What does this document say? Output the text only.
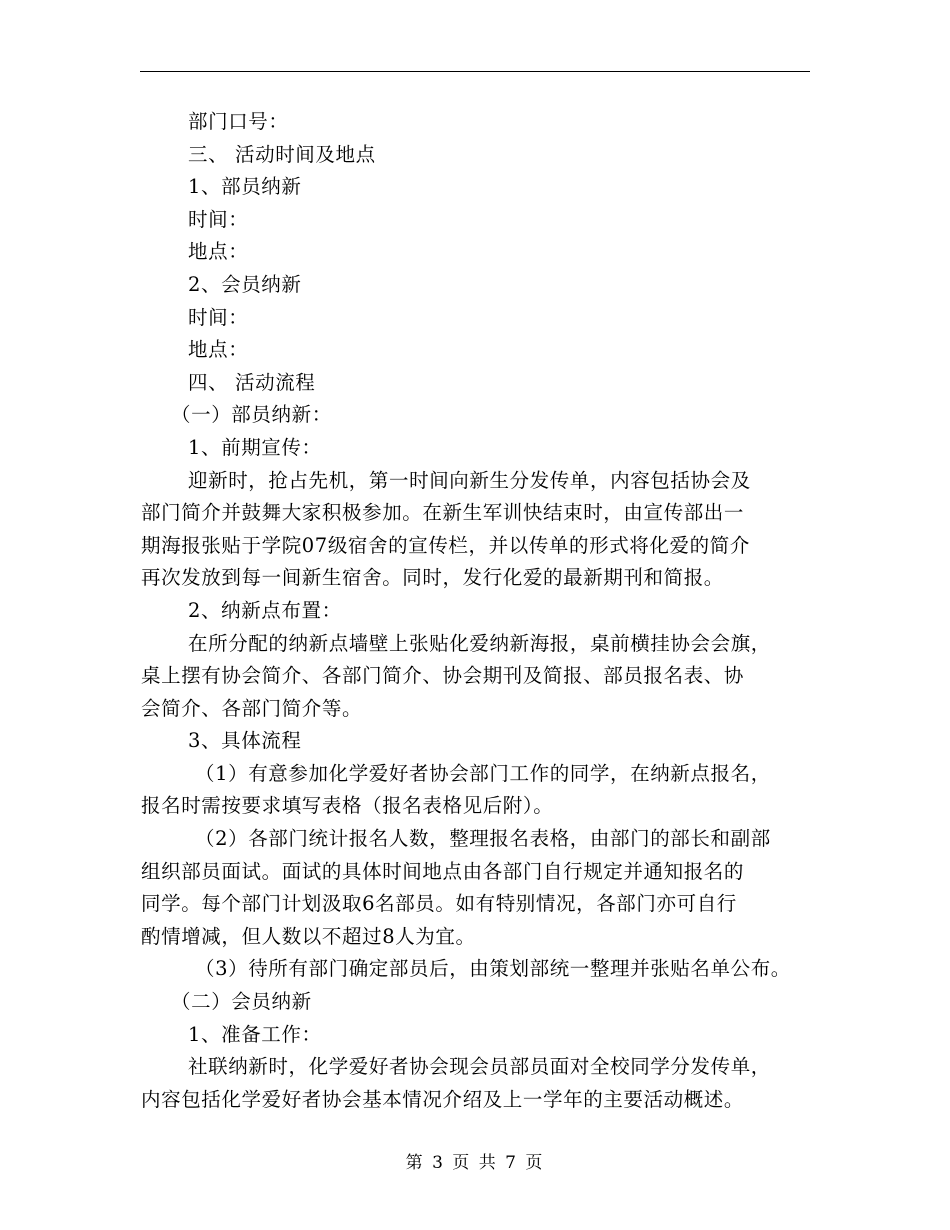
部门口号：
三、 活动时间及地点
1、部员纳新
时间：
地点：
2、会员纳新
时间：
地点：
四、 活动流程
（一）部员纳新：
1、前期宣传：
迎新时，抢占先机，第一时间向新生分发传单，内容包括协会及
部门简介并鼓舞大家积极参加。在新生军训快结束时，由宣传部出一
期海报张贴于学院07级宿舍的宣传栏，并以传单的形式将化爱的简介
再次发放到每一间新生宿舍。同时，发行化爱的最新期刊和简报。
2、纳新点布置：
在所分配的纳新点墙壁上张贴化爱纳新海报，桌前横挂协会会旗，
桌上摆有协会简介、各部门简介、协会期刊及简报、部员报名表、协
会简介、各部门简介等。
3、具体流程
（1）有意参加化学爱好者协会部门工作的同学，在纳新点报名，
报名时需按要求填写表格（报名表格见后附）。
（2）各部门统计报名人数，整理报名表格，由部门的部长和副部
组织部员面试。面试的具体时间地点由各部门自行规定并通知报名的
同学。每个部门计划汲取6名部员。如有特别情况，各部门亦可自行
酌情增减，但人数以不超过8人为宜。
（3）待所有部门确定部员后，由策划部统一整理并张贴名单公布。
（二）会员纳新
1、准备工作：
社联纳新时，化学爱好者协会现会员部员面对全校同学分发传单，
内容包括化学爱好者协会基本情况介绍及上一学年的主要活动概述。
第 3 页 共 7 页
